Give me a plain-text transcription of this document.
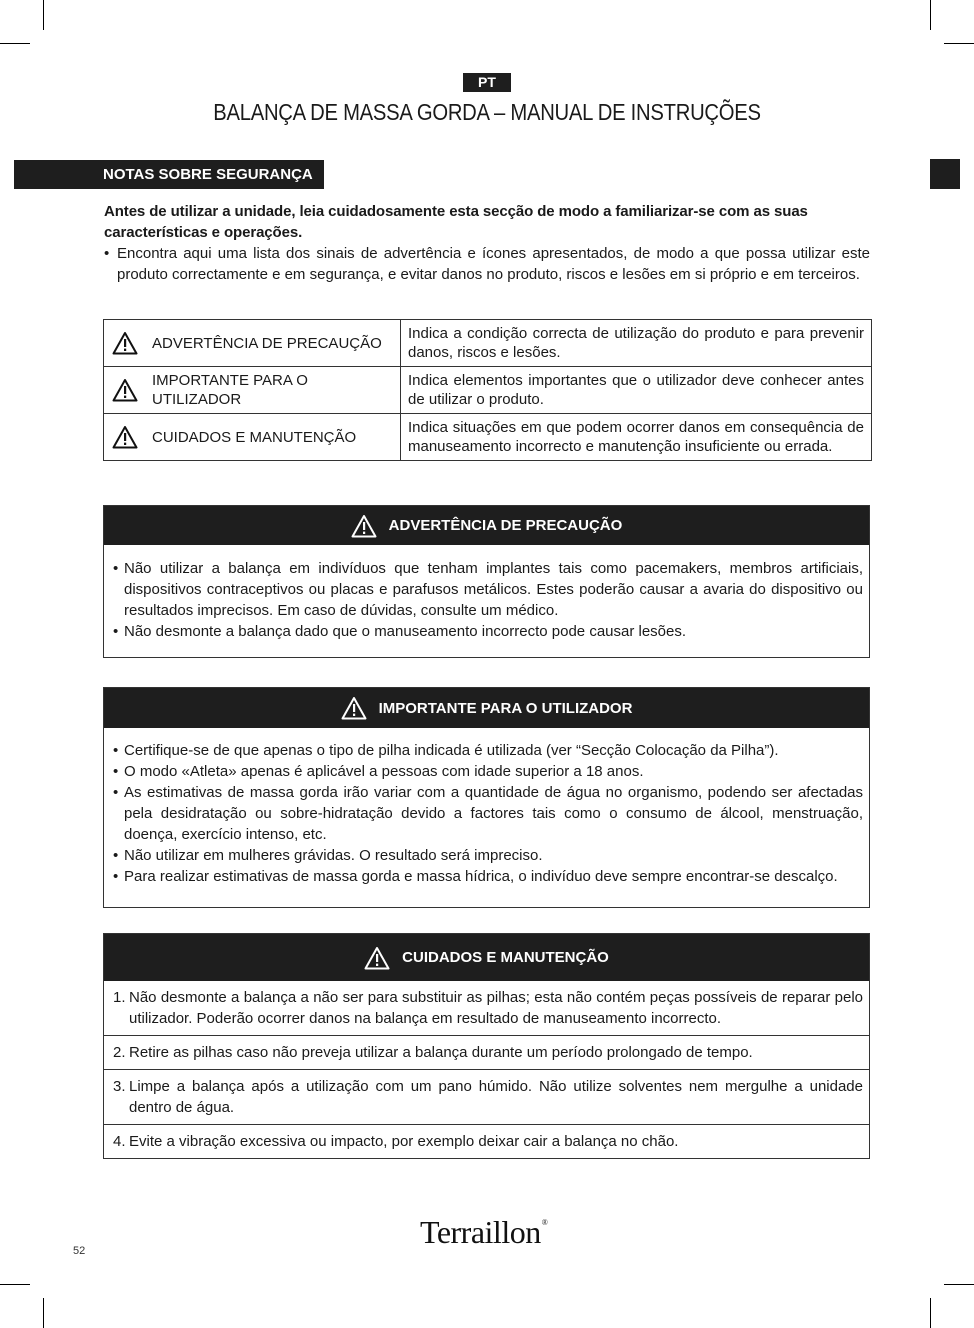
PT
BALANÇA DE MASSA GORDA – MANUAL DE INSTRUÇÕES
NOTAS SOBRE SEGURANÇA
Antes de utilizar a unidade, leia cuidadosamente esta secção de modo a familiarizar-se com as suas características e operações.
• Encontra aqui uma lista dos sinais de advertência e ícones apresentados, de modo a que possa utilizar este produto correctamente e em segurança, e evitar danos no produto, riscos e lesões em si próprio e em terceiros.
ADVERTÊNCIA DE PRECAUÇÃO	Indica a condição correcta de utilização do produto e para prevenir danos, riscos e lesões.

IMPORTANTE PARA O UTILIZADOR	Indica elementos importantes que o utilizador deve conhecer antes de utilizar o produto.

CUIDADOS E MANUTENÇÃO	Indica situações em que podem ocorrer danos em consequência de manuseamento incorrecto e manutenção insuficiente ou errada.
ADVERTÊNCIA DE PRECAUÇÃO
• Não utilizar a balança em indivíduos que tenham implantes tais como pacemakers, membros artificiais, dispositivos contraceptivos ou placas e parafusos metálicos. Estes poderão causar a avaria do dispositivo ou resultados imprecisos. Em caso de dúvidas, consulte um médico.
• Não desmonte a balança dado que o manuseamento incorrecto pode causar lesões.
IMPORTANTE PARA O UTILIZADOR
• Certifique-se de que apenas o tipo de pilha indicada é utilizada (ver “Secção Colocação da Pilha”).
• O modo «Atleta» apenas é aplicável a pessoas com idade superior a 18 anos.
• As estimativas de massa gorda irão variar com a quantidade de água no organismo, podendo ser afectadas pela desidratação ou sobre-hidratação devido a factores tais como o consumo de álcool, menstruação, doença, exercício intenso, etc.
• Não utilizar em mulheres grávidas. O resultado será impreciso.
• Para realizar estimativas de massa gorda e massa hídrica, o indivíduo deve sempre encontrar-se descalço.
CUIDADOS E MANUTENÇÃO
1. Não desmonte a balança a não ser para substituir as pilhas; esta não contém peças possíveis de reparar pelo utilizador. Poderão ocorrer danos na balança em resultado de manuseamento incorrecto.
2. Retire as pilhas caso não preveja utilizar a balança durante um período prolongado de tempo.
3. Limpe a balança após a utilização com um pano húmido. Não utilize solventes nem mergulhe a unidade dentro de água.
4. Evite a vibração excessiva ou impacto, por exemplo deixar cair a balança no chão.
52
Terraillon®
